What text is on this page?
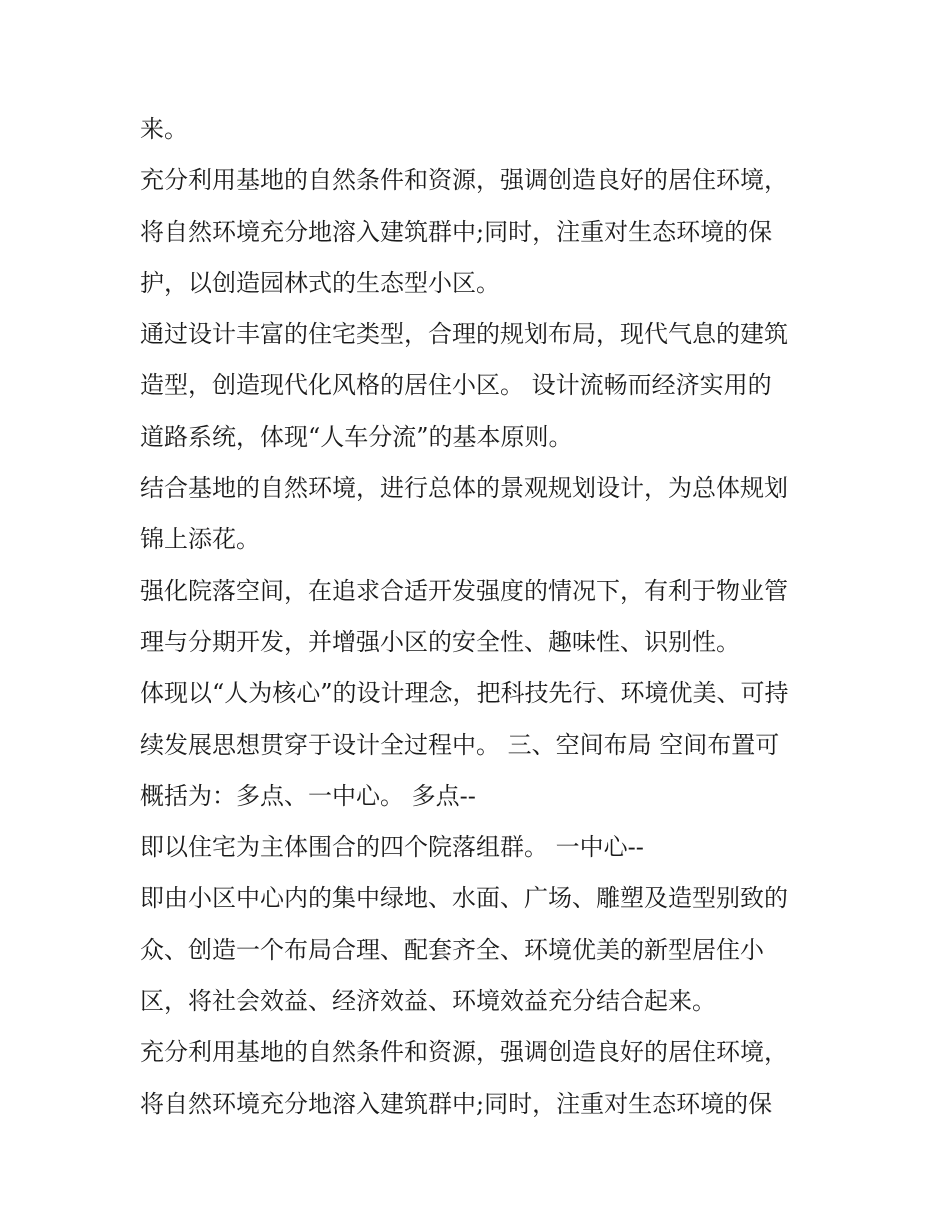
来。
充分利用基地的自然条件和资源，强调创造良好的居住环境，
将自然环境充分地溶入建筑群中;同时，注重对生态环境的保
护，以创造园林式的生态型小区。
通过设计丰富的住宅类型，合理的规划布局，现代气息的建筑
造型，创造现代化风格的居住小区。 设计流畅而经济实用的
道路系统，体现“人车分流”的基本原则。
结合基地的自然环境，进行总体的景观规划设计，为总体规划
锦上添花。
强化院落空间，在追求合适开发强度的情况下，有利于物业管
理与分期开发，并增强小区的安全性、趣味性、识别性。
体现以“人为核心”的设计理念，把科技先行、环境优美、可持
续发展思想贯穿于设计全过程中。 三、空间布局 空间布置可
概括为：多点、一中心。 多点--
即以住宅为主体围合的四个院落组群。 一中心--
即由小区中心内的集中绿地、水面、广场、雕塑及造型别致的
众、创造一个布局合理、配套齐全、环境优美的新型居住小
区，将社会效益、经济效益、环境效益充分结合起来。
充分利用基地的自然条件和资源，强调创造良好的居住环境，
将自然环境充分地溶入建筑群中;同时，注重对生态环境的保
